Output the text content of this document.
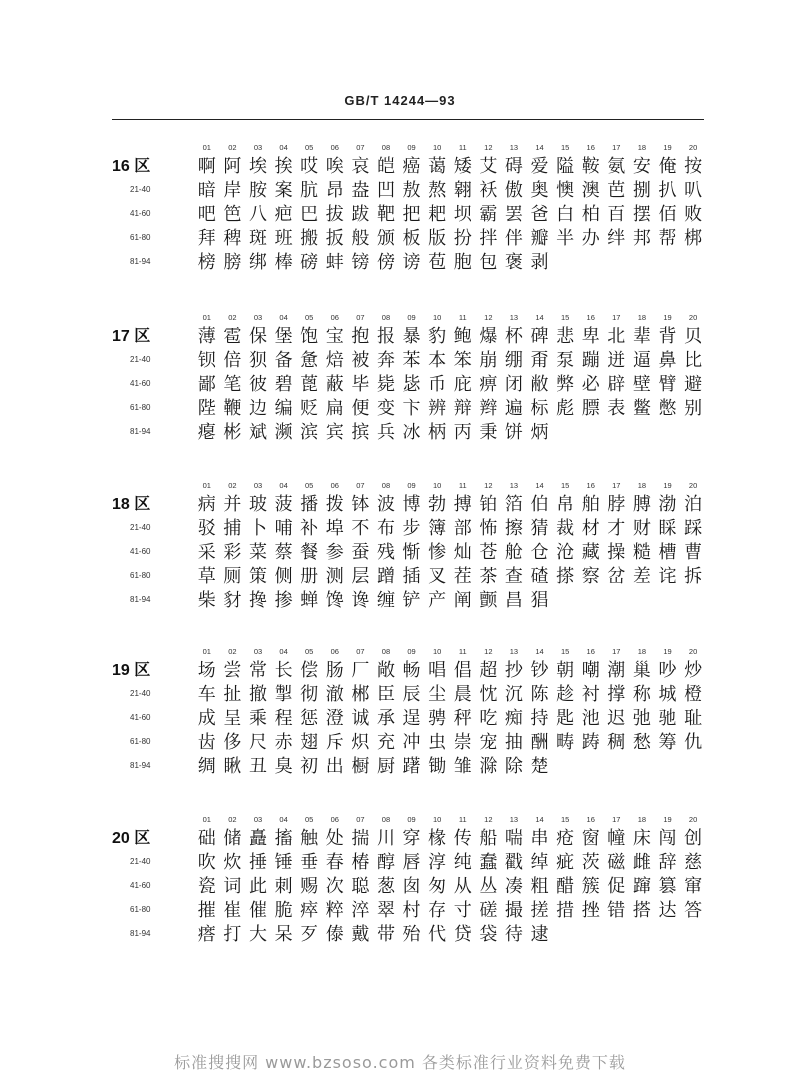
GB/T 14244—93
16 区
01	02	03	04	05	06	07	08	09	10	11	12	13	14	15	16	17	18	19	20
啊 阿 埃 挨 哎 唉 哀 皑 癌 蔼 矮 艾 碍 爱 隘 鞍 氨 安 俺 按
21-40	暗 岸 胺 案 肮 昂 盎 凹 敖 熬 翱 袄 傲 奥 懊 澳 芭 捌 扒 叭
41-60	吧 笆 八 疤 巴 拔 跋 靶 把 耙 坝 霸 罢 爸 白 柏 百 摆 佰 败
61-80	拜 稗 斑 班 搬 扳 般 颁 板 版 扮 拌 伴 瓣 半 办 绊 邦 帮 梆
81-94	榜 膀 绑 棒 磅 蚌 镑 傍 谤 苞 胞 包 褒 剥
17 区
01	02	03	04	05	06	07	08	09	10	11	12	13	14	15	16	17	18	19	20
薄 雹 保 堡 饱 宝 抱 报 暴 豹 鲍 爆 杯 碑 悲 卑 北 辈 背 贝
21-40	钡 倍 狈 备 惫 焙 被 奔 苯 本 笨 崩 绷 甭 泵 蹦 迸 逼 鼻 比
41-60	鄙 笔 彼 碧 蓖 蔽 毕 毙 毖 币 庇 痹 闭 敝 弊 必 辟 壁 臂 避
61-80	陛 鞭 边 编 贬 扁 便 变 卞 辨 辩 辫 遍 标 彪 膘 表 鳖 憋 别
81-94	瘪 彬 斌 濒 滨 宾 摈 兵 冰 柄 丙 秉 饼 炳
18 区
01	02	03	04	05	06	07	08	09	10	11	12	13	14	15	16	17	18	19	20
病 并 玻 菠 播 拨 钵 波 博 勃 搏 铂 箔 伯 帛 舶 脖 膊 渤 泊
21-40	驳 捕 卜 哺 补 埠 不 布 步 簿 部 怖 擦 猜 裁 材 才 财 睬 踩
41-60	采 彩 菜 蔡 餐 参 蚕 残 惭 惨 灿 苍 舱 仓 沧 藏 操 糙 槽 曹
61-80	草 厕 策 侧 册 测 层 蹭 插 叉 茬 茶 查 碴 搽 察 岔 差 诧 拆
81-94	柴 豺 搀 掺 蝉 馋 谗 缠 铲 产 阐 颤 昌 猖
19 区
01	02	03	04	05	06	07	08	09	10	11	12	13	14	15	16	17	18	19	20
场 尝 常 长 偿 肠 厂 敞 畅 唱 倡 超 抄 钞 朝 嘲 潮 巢 吵 炒
21-40	车 扯 撤 掣 彻 澈 郴 臣 辰 尘 晨 忱 沉 陈 趁 衬 撑 称 城 橙
41-60	成 呈 乘 程 惩 澄 诚 承 逞 骋 秤 吃 痴 持 匙 池 迟 弛 驰 耻
61-80	齿 侈 尺 赤 翅 斥 炽 充 冲 虫 崇 宠 抽 酬 畴 踌 稠 愁 筹 仇
81-94	绸 瞅 丑 臭 初 出 橱 厨 躇 锄 雏 滁 除 楚
20 区
01	02	03	04	05	06	07	08	09	10	11	12	13	14	15	16	17	18	19	20
础 储 矗 搐 触 处 揣 川 穿 椽 传 船 喘 串 疮 窗 幢 床 闯 创
21-40	吹 炊 捶 锤 垂 春 椿 醇 唇 淳 纯 蠢 戳 绰 疵 茨 磁 雌 辞 慈
41-60	瓷 词 此 刺 赐 次 聪 葱 囱 匆 从 丛 凑 粗 醋 簇 促 蹿 篡 窜
61-80	摧 崔 催 脆 瘁 粹 淬 翠 村 存 寸 磋 撮 搓 措 挫 错 搭 达 答
81-94	瘩 打 大 呆 歹 傣 戴 带 殆 代 贷 袋 待 逮
标准搜搜网 www.bzsoso.com 各类标准行业资料免费下载
